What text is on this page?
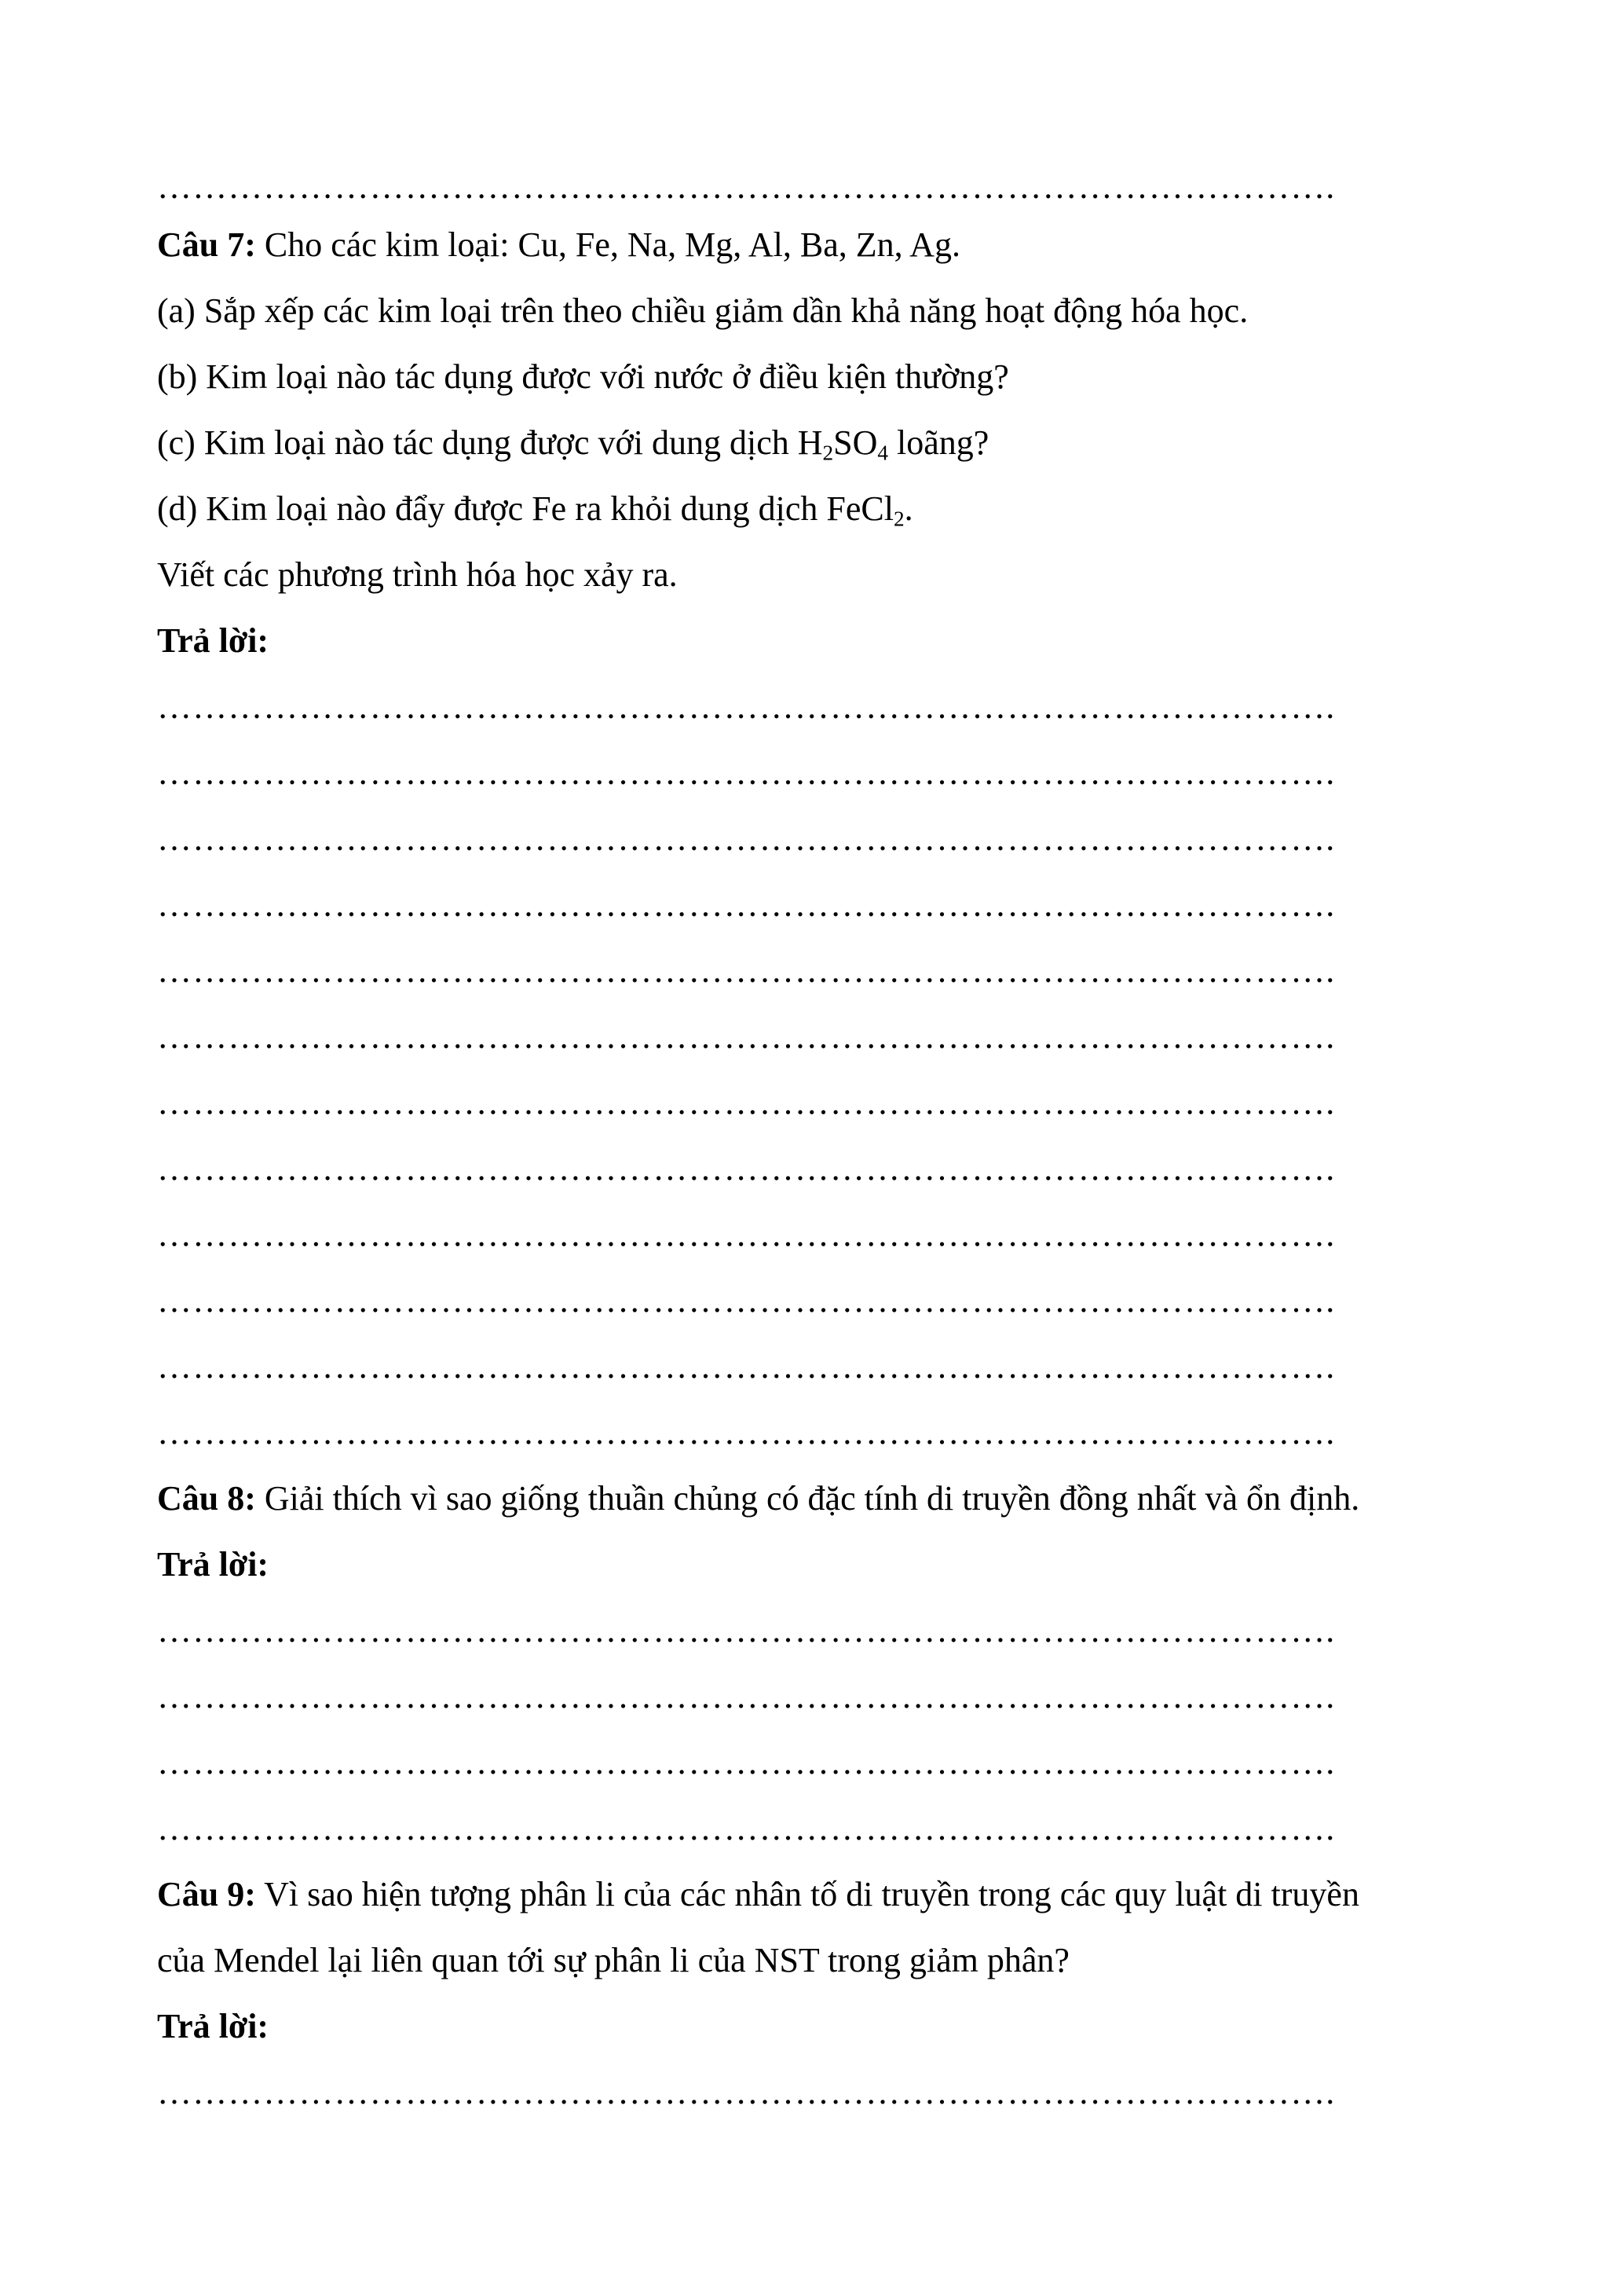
……………………………………………………………………………………….
Câu 7: Cho các kim loại: Cu, Fe, Na, Mg, Al, Ba, Zn, Ag.
(a) Sắp xếp các kim loại trên theo chiều giảm dần khả năng hoạt động hóa học.
(b) Kim loại nào tác dụng được với nước ở điều kiện thường?
(c) Kim loại nào tác dụng được với dung dịch $H_2SO_4$ loãng?
(d) Kim loại nào đẩy được Fe ra khỏi dung dịch FeCl$_2$.
Viết các phương trình hóa học xảy ra.
Trả lời:
……………………………………………………………………………………….
……………………………………………………………………………………….
……………………………………………………………………………………….
……………………………………………………………………………………….
……………………………………………………………………………………….
……………………………………………………………………………………….
……………………………………………………………………………………….
……………………………………………………………………………………….
……………………………………………………………………………………….
……………………………………………………………………………………….
……………………………………………………………………………………….
……………………………………………………………………………………….
Câu 8: Giải thích vì sao giống thuần chủng có đặc tính di truyền đồng nhất và ổn định.
Trả lời:
……………………………………………………………………………………….
……………………………………………………………………………………….
……………………………………………………………………………………….
……………………………………………………………………………………….
Câu 9: Vì sao hiện tượng phân li của các nhân tố di truyền trong các quy luật di truyền
của Mendel lại liên quan tới sự phân li của NST trong giảm phân?
Trả lời:
……………………………………………………………………………………….
